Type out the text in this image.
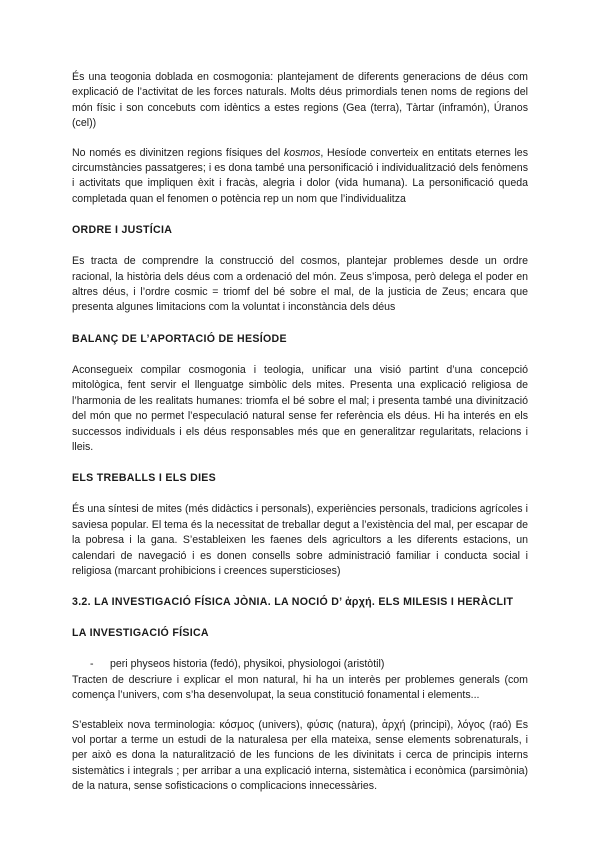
És una teogonia doblada en cosmogonia: plantejament de diferents generacions de déus com explicació de l’activitat de les forces naturals. Molts déus primordials tenen noms de regions del món físic i son concebuts com idèntics a estes regions (Gea (terra), Tàrtar (inframón), Úranos (cel))

No només es divinitzen regions físiques del kosmos, Hesíode converteix en entitats eternes les circumstàncies passatgeres; i es dona també una personificació i individualització dels fenòmens i activitats que impliquen èxit i fracàs, alegria i dolor (vida humana). La personificació queda completada quan el fenomen o potència rep un nom que l’individualitza

ORDRE I JUSTÍCIA

Es tracta de comprendre la construcció del cosmos, plantejar problemes desde un ordre racional, la història dels déus com a ordenació del món. Zeus s’imposa, però delega el poder en altres déus, i l’ordre cosmic = triomf del bé sobre el mal, de la justicia de Zeus; encara que presenta algunes limitacions com la voluntat i inconstància dels déus

BALANÇ DE L’APORTACIÓ DE HESÍODE

Aconsegueix compilar cosmogonia i teologia, unificar una visió partint d’una concepció mitològica, fent servir el llenguatge simbòlic dels mites. Presenta una explicació religiosa de l’harmonia de les realitats humanes: triomfa el bé sobre el mal; i presenta també una divinització del món que no permet l’especulació natural sense fer referència els déus. Hi ha interés en els successos individuals i els déus responsables més que en generalitzar regularitats, relacions i lleis.

ELS TREBALLS I ELS DIES

És una síntesi de mites (més didàctics i personals), experiències personals, tradicions agrícoles i saviesa popular. El tema és la necessitat de treballar degut a l’existència del mal, per escapar de la pobresa i la gana. S’estableixen les faenes dels agricultors a les diferents estacions, un calendari de navegació i es donen consells sobre administració familiar i conducta social i religiosa (marcant prohibicions i creences supersticioses)

3.2. LA INVESTIGACIÓ FÍSICA JÒNIA. LA NOCIÓ D’ ἀρχή. ELS MILESIS I HERÀCLIT
LA INVESTIGACIÓ FÍSICA
-	peri physeos historia (fedó), physikoi, physiologoi (aristòtil)

Tracten de descriure i explicar el mon natural, hi ha un interès per problemes generals (com comença l’univers, com s’ha desenvolupat, la seua constitució fonamental i elements...

S’estableix nova terminologia: κόσμος (univers), φύσις (natura), ἀρχή (principi), λόγος (raó) Es vol portar a terme un estudi de la naturalesa per ella mateixa, sense elements sobrenaturals, i per això es dona la naturalització de les funcions de les divinitats i cerca de principis interns sistemàtics i integrals ; per arribar a una explicació interna, sistemàtica i econòmica (parsimònia) de la natura, sense sofisticacions o complicacions innecessàries.
